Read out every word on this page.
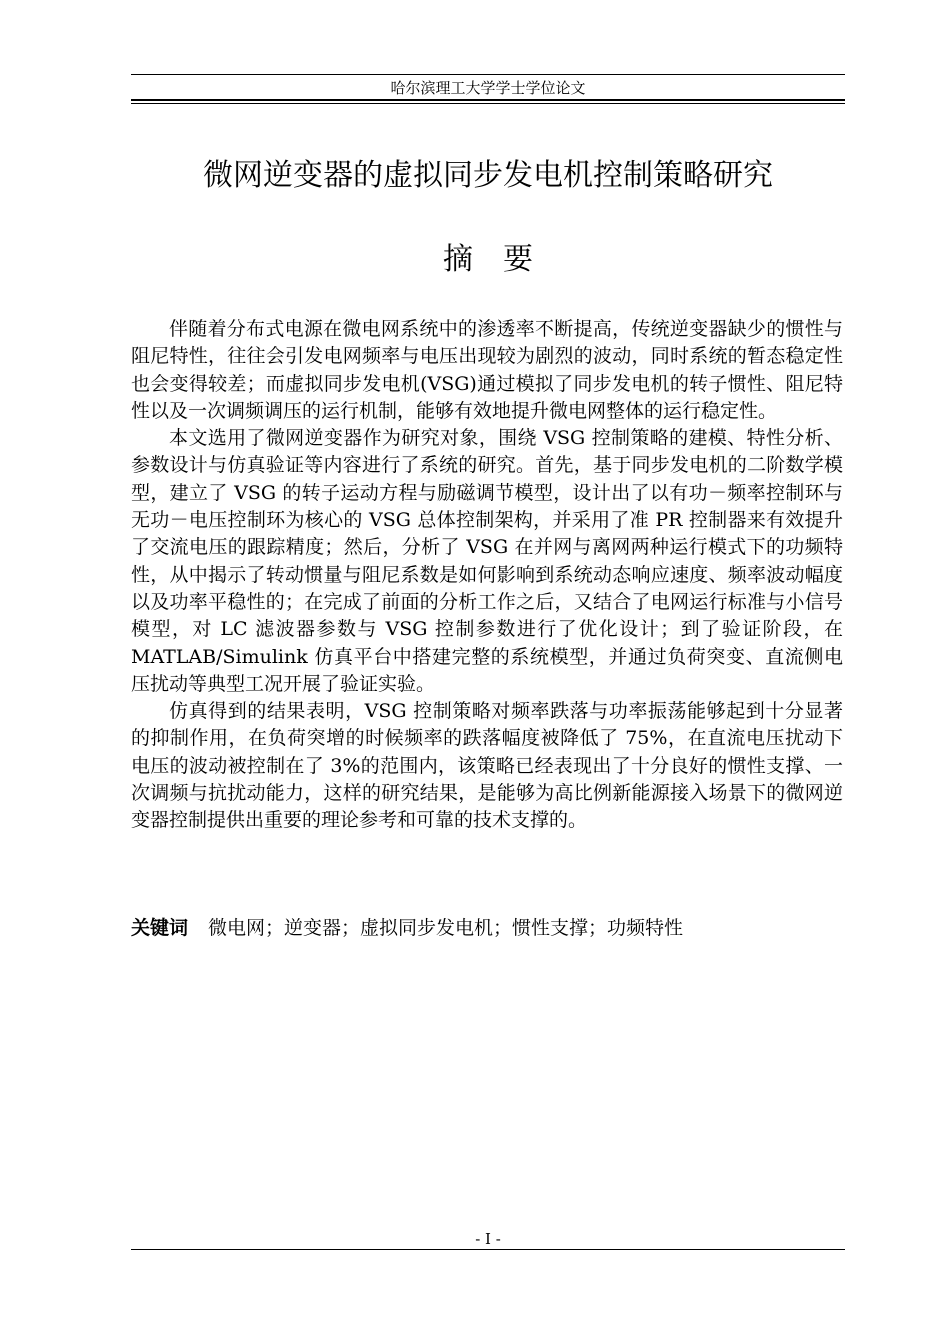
哈尔滨理工大学学士学位论文
微网逆变器的虚拟同步发电机控制策略研究
摘要

伴随着分布式电源在微电网系统中的渗透率不断提高，传统逆变器缺少的惯性与阻尼特性，往往会引发电网频率与电压出现较为剧烈的波动，同时系统的暂态稳定性也会变得较差；而虚拟同步发电机(VSG)通过模拟了同步发电机的转子惯性、阻尼特性以及一次调频调压的运行机制，能够有效地提升微电网整体的运行稳定性。

本文选用了微网逆变器作为研究对象，围绕 VSG 控制策略的建模、特性分析、参数设计与仿真验证等内容进行了系统的研究。首先，基于同步发电机的二阶数学模型，建立了 VSG 的转子运动方程与励磁调节模型，设计出了以有功－频率控制环与无功－电压控制环为核心的 VSG 总体控制架构，并采用了准 PR 控制器来有效提升了交流电压的跟踪精度；然后，分析了 VSG 在并网与离网两种运行模式下的功频特性，从中揭示了转动惯量与阻尼系数是如何影响到系统动态响应速度、频率波动幅度以及功率平稳性的；在完成了前面的分析工作之后，又结合了电网运行标准与小信号模型，对 LC 滤波器参数与 VSG 控制参数进行了优化设计；到了验证阶段，在 MATLAB/Simulink 仿真平台中搭建完整的系统模型，并通过负荷突变、直流侧电压扰动等典型工况开展了验证实验。

仿真得到的结果表明，VSG 控制策略对频率跌落与功率振荡能够起到十分显著的抑制作用，在负荷突增的时候频率的跌落幅度被降低了 75%，在直流电压扰动下电压的波动被控制在了 3%的范围内，该策略已经表现出了十分良好的惯性支撑、一次调频与抗扰动能力，这样的研究结果，是能够为高比例新能源接入场景下的微网逆变器控制提供出重要的理论参考和可靠的技术支撑的。

关键词 微电网；逆变器；虚拟同步发电机；惯性支撑；功频特性
- I -
